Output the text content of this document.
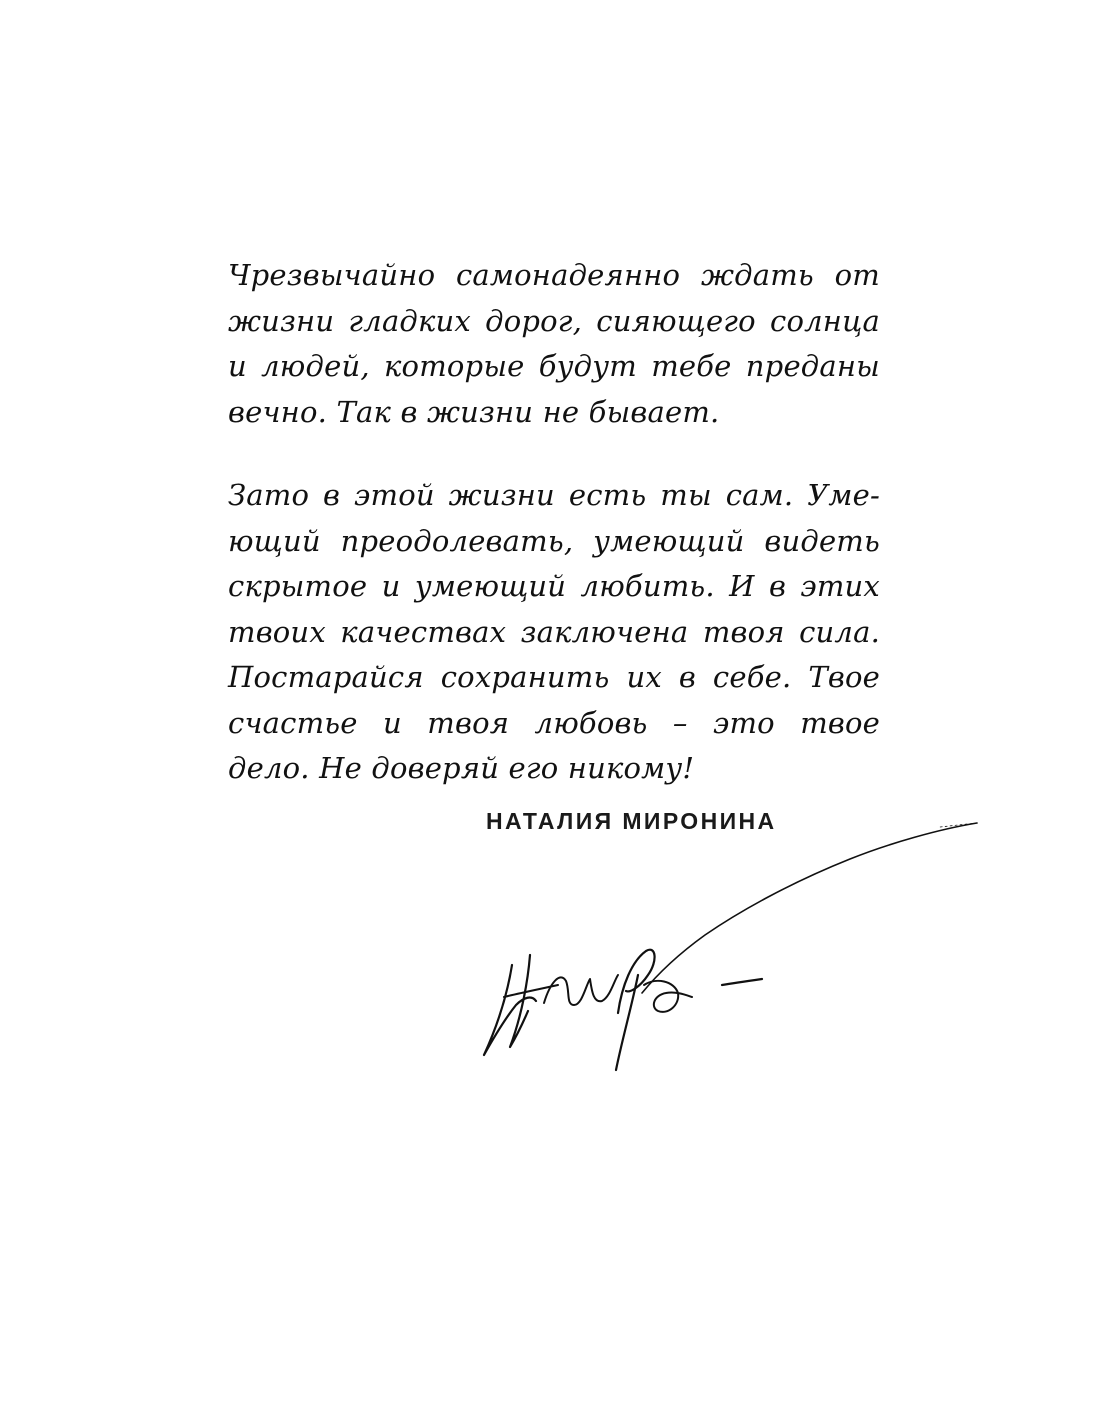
Чрезвычайно самонадеянно ждать от
жизни гладких дорог, сияющего солнца
и людей, которые будут тебе преданы
вечно. Так в жизни не бывает.
Зато в этой жизни есть ты сам. Уме-
ющий преодолевать, умеющий видеть
скрытое и умеющий любить. И в этих
твоих качествах заключена твоя сила.
Постарайся сохранить их в себе. Твое
счастье и твоя любовь – это твое
дело. Не доверяй его никому!
НАТАЛИЯ МИРОНИНА
